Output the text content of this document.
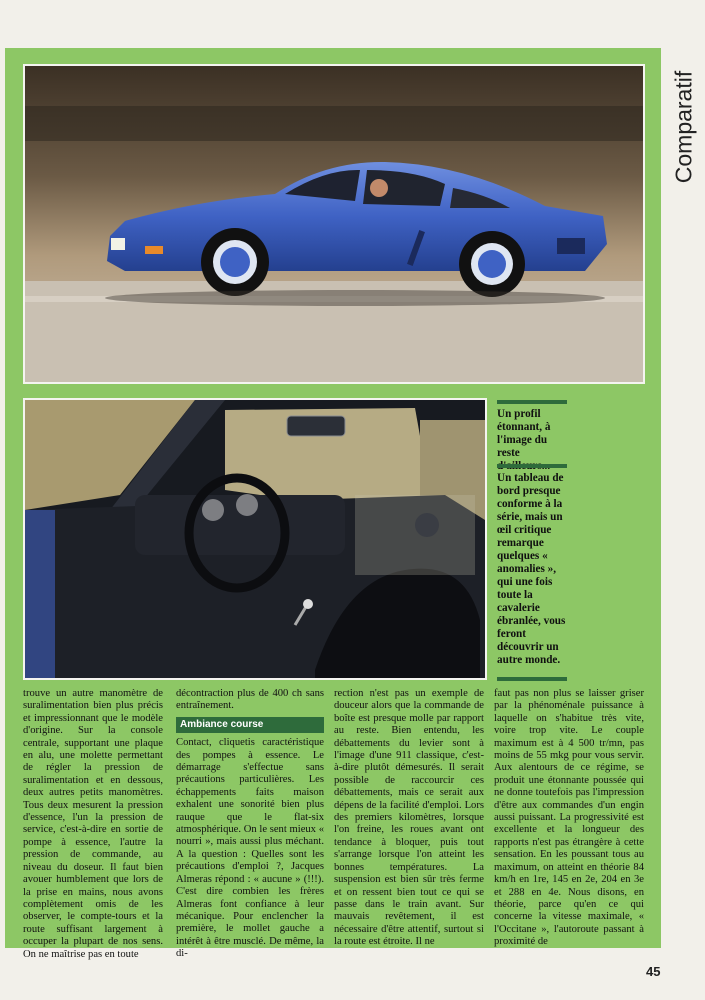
Comparatif
Un profil étonnant, à l'image du reste
Un tableau de bord presque conforme à la série, mais un œil critique remarque quelques « anomalies », qui une fois toute la cavalerie ébranlée, vous feront découvrir un autre monde.

trouve un autre manomètre de suralimentation bien plus précis et impressionnant que le modèle d'origine. Sur la console centrale, supportant une plaque en alu, une molette permettant de régler la pression de suralimentation et en dessous, deux autres petits manomètres. Tous deux mesurent la pression d'essence, l'un la pression de service, c'est-à-dire en sortie de pompe à essence, l'autre la pression de commande, au niveau du doseur. Il faut bien avouer humblement que lors de la prise en mains, nous avons complètement omis de les observer, le compte-tours et la route suffisant largement à occuper la plupart de nos sens. On ne maîtrise pas en toute

décontraction plus de 400 ch sans entraînement.

Ambiance course

Contact, cliquetis caractéristique des pompes à essence. Le démarrage s'effectue sans précautions particulières. Les échappements faits maison exhalent une sonorité bien plus rauque que le flat-six atmosphérique. On le sent mieux « nourri », mais aussi plus méchant. A la question : Quelles sont les précautions d'emploi ?, Jacques Almeras répond : « aucune » (!!!). C'est dire combien les frères Almeras font confiance à leur mécanique. Pour enclencher la première, le mollet gauche a intérêt à être musclé. De même, la di-

rection n'est pas un exemple de douceur alors que la commande de boîte est presque molle par rapport au reste. Bien entendu, les débattements du levier sont à l'image d'une 911 classique, c'est-à-dire plutôt démesurés. Il serait possible de raccourcir ces débattements, mais ce serait aux dépens de la facilité d'emploi. Lors des premiers kilomètres, lorsque l'on freine, les roues avant ont tendance à bloquer, puis tout s'arrange lorsque l'on atteint les bonnes températures. La suspension est bien sûr très ferme et on ressent bien tout ce qui se passe dans le train avant. Sur mauvais revêtement, il est nécessaire d'être attentif, surtout si la route est étroite. Il ne

faut pas non plus se laisser griser par la phénoménale puissance à laquelle on s'habitue très vite, voire trop vite. Le couple maximum est à 4 500 tr/mn, pas moins de 55 mkg pour vous servir. Aux alentours de ce régime, se produit une étonnante poussée qui ne donne toutefois pas l'impression d'être aux commandes d'un engin aussi puissant. La progressivité est excellente et la longueur des rapports n'est pas étrangère à cette sensation. En les poussant tous au maximum, on atteint en théorie 84 km/h en 1re, 145 en 2e, 204 en 3e et 288 en 4e. Nous disons, en théorie, parce qu'en ce qui concerne la vitesse maximale, « l'Occitane », l'autoroute passant à proximité de

45
